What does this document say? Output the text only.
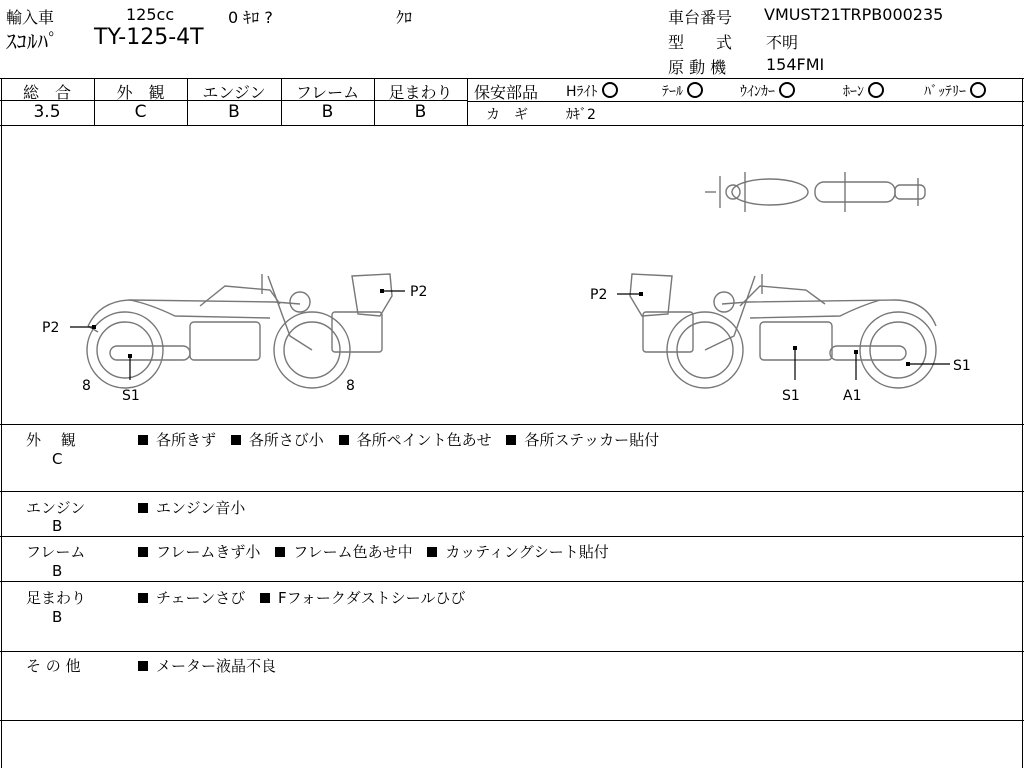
輸入車	125cc	0 ｷﾛ ?	ｸﾛ
ｽｺﾙﾊﾟ TY-125-4T
車台番号 VMUST21TRPB000235
型　　式 不明
原 動 機 154FMI
総　合	外　観	エンジン	フレーム	足まわり
3.5	C	B	B	B
保安部品 Hﾗｲﾄ	ﾃｰﾙ	ｳｲﾝｶｰ	ﾎｰﾝ	ﾊﾞｯﾃﾘｰ
カ　ギ	ｶｷﾞ2
P2
P2
8
S1
8
P2
S1	A1
S1
外　 観
C
各所きず 各所さび小 各所ペイント色あせ 各所ステッカー貼付
エンジン
B
エンジン音小
フレーム
B
フレームきず小 フレーム色あせ中 カッティングシート貼付
足まわり
B
チェーンさび Fフォークダストシールひび
そ の 他	メーター液晶不良
